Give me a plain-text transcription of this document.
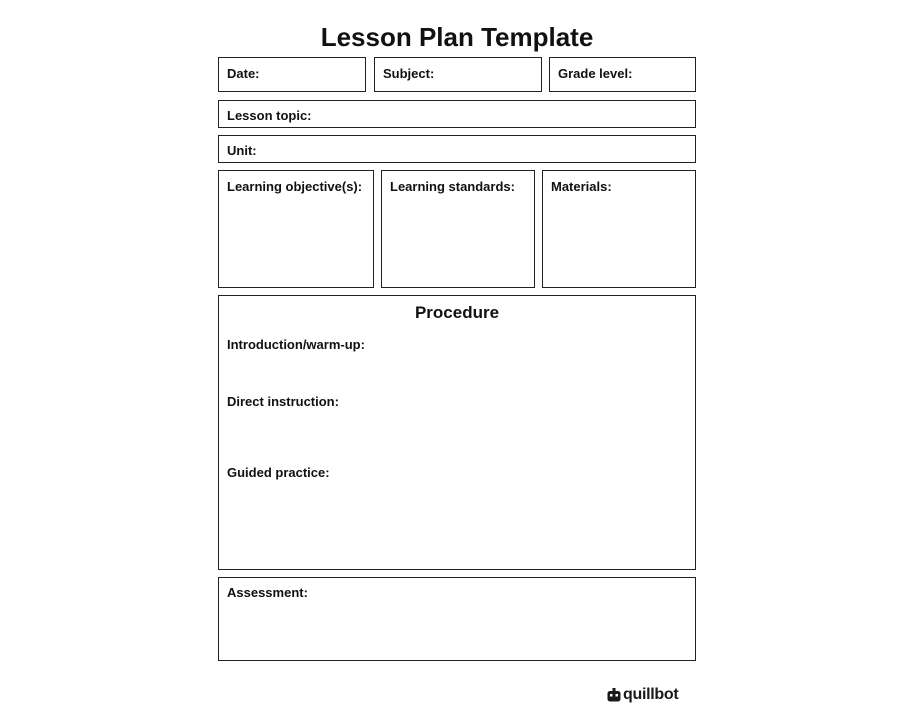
Lesson Plan Template
Date:	Subject:	Grade level:
Lesson topic:
Unit:
Learning objective(s): Learning standards:	Materials:
Procedure
Introduction/warm-up:
Direct instruction:
Guided practice:
Assessment:
quillbot
